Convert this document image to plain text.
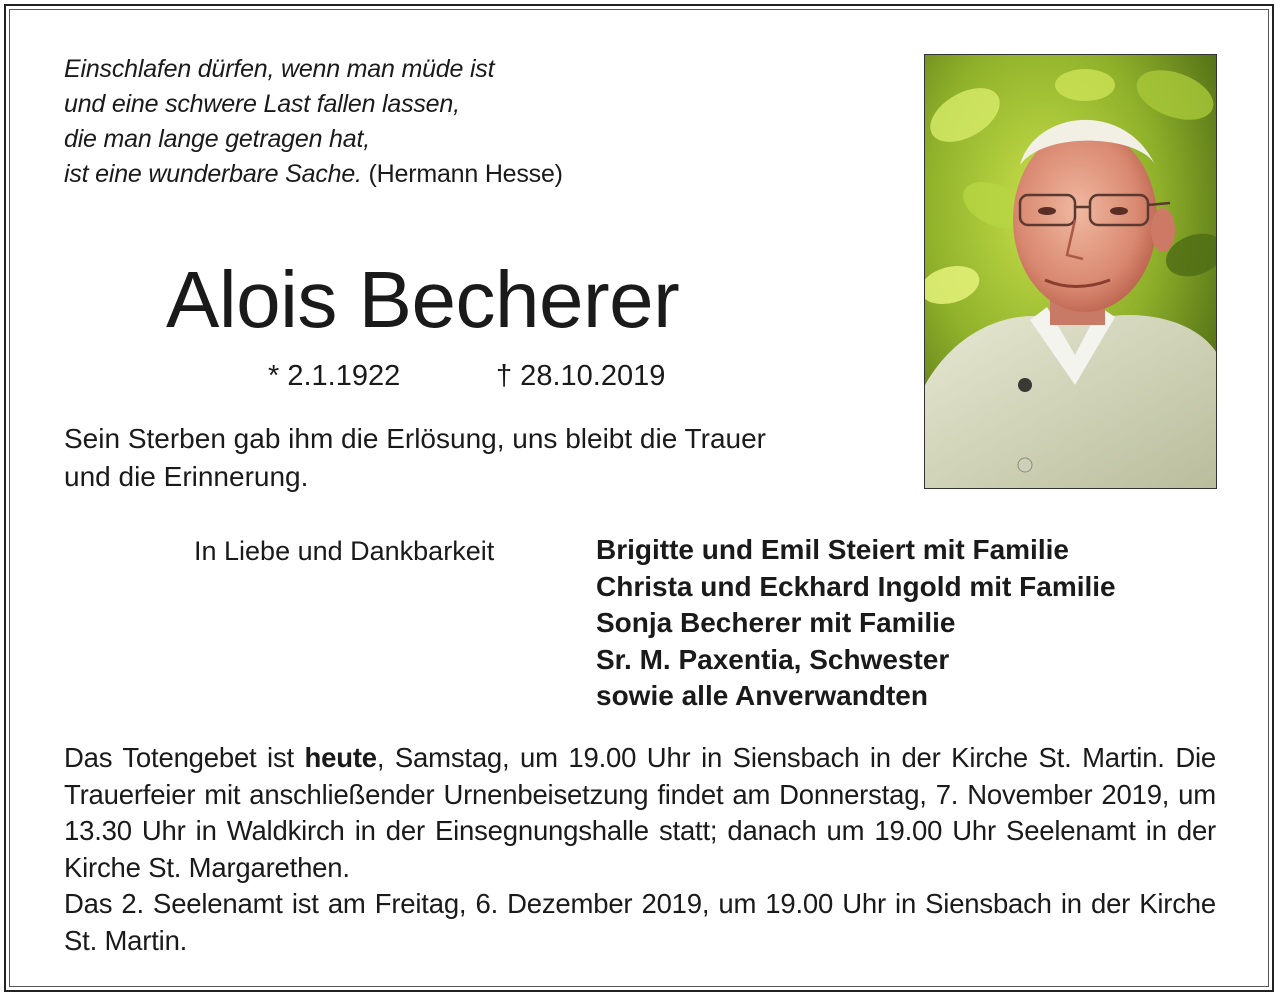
Einschlafen dürfen, wenn man müde ist
und eine schwere Last fallen lassen,
die man lange getragen hat,
ist eine wunderbare Sache. (Hermann Hesse)
Alois Becherer
* 2.1.1922	† 28.10.2019
Sein Sterben gab ihm die Erlösung, uns bleibt die Trauer
und die Erinnerung.
In Liebe und Dankbarkeit	Brigitte und Emil Steiert mit Familie
Christa und Eckhard Ingold mit Familie
Sonja Becherer mit Familie
Sr. M. Paxentia, Schwester
sowie alle Anverwandten

Das Totengebet ist heute, Samstag, um 19.00 Uhr in Siensbach in der Kirche St. Martin. Die Trauerfeier mit anschließender Urnenbeisetzung findet am Donnerstag, 7. November 2019, um 13.30 Uhr in Waldkirch in der Einsegnungshalle statt; danach um 19.00 Uhr Seelenamt in der Kirche St. Margarethen.

Das 2. Seelenamt ist am Freitag, 6. Dezember 2019, um 19.00 Uhr in Siensbach in der Kirche St. Martin.
